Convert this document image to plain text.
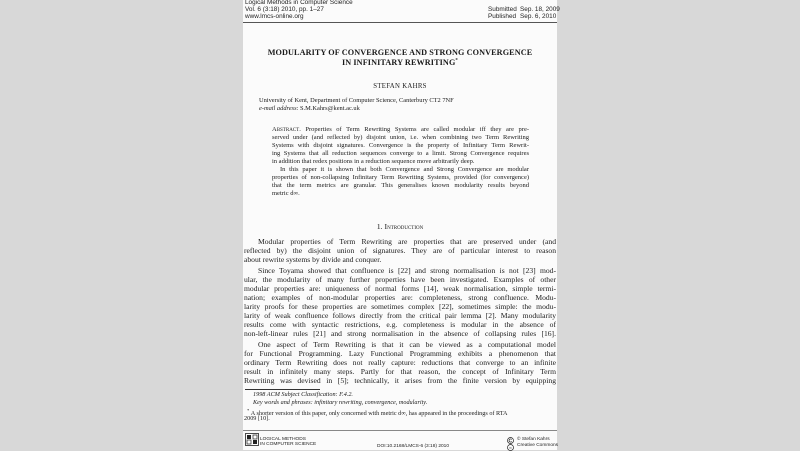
Logical Methods in Computer Science
Vol. 6 (3:18) 2010, pp. 1–27
www.lmcs-online.org
Submitted Sep. 18, 2009
Published Sep. 6, 2010
MODULARITY OF CONVERGENCE AND STRONG CONVERGENCE
IN INFINITARY REWRITING*
STEFAN KAHRS
University of Kent, Department of Computer Science, Canterbury CT2 7NF
e-mail address: S.M.Kahrs@kent.ac.uk
Abstract. Properties of Term Rewriting Systems are called modular iff they are pre-
served under (and reflected by) disjoint union, i.e. when combining two Term Rewriting
Systems with disjoint signatures. Convergence is the property of Infinitary Term Rewrit-
ing Systems that all reduction sequences converge to a limit. Strong Convergence requires
in addition that redex positions in a reduction sequence move arbitrarily deep.
In this paper it is shown that both Convergence and Strong Convergence are modular
properties of non-collapsing Infinitary Term Rewriting Systems, provided (for convergence)
that the term metrics are granular. This generalises known modularity results beyond
metric d∞.
1. Introduction
Modular properties of Term Rewriting are properties that are preserved under (and
reflected by) the disjoint union of signatures. They are of particular interest to reason
about rewrite systems by divide and conquer.
Since Toyama showed that confluence is [22] and strong normalisation is not [23] mod-
ular, the modularity of many further properties have been investigated. Examples of other
modular properties are: uniqueness of normal forms [14], weak normalisation, simple termi-
nation; examples of non-modular properties are: completeness, strong confluence. Modu-
larity proofs for these properties are sometimes complex [22], sometimes simple: the modu-
larity of weak confluence follows directly from the critical pair lemma [2]. Many modularity
results come with syntactic restrictions, e.g. completeness is modular in the absence of
non-left-linear rules [21] and strong normalisation in the absence of collapsing rules [16].
One aspect of Term Rewriting is that it can be viewed as a computational model
for Functional Programming. Lazy Functional Programming exhibits a phenomenon that
ordinary Term Rewriting does not really capture: reductions that converge to an infinite
result in infinitely many steps. Partly for that reason, the concept of Infinitary Term
Rewriting was devised in [5]; technically, it arises from the finite version by equipping
1998 ACM Subject Classification: F.4.2.
Key words and phrases: infinitary rewriting, convergence, modularity.
* A shorter version of this paper, only concerned with metric d∞, has appeared in the proceedings of RTA
2009 [10].
LOGICAL METHODS
IN COMPUTER SCIENCE	DOI:10.2168/LMCS-6 (3:18) 2010	cc
© Stefan Kahrs
Creative Commons
